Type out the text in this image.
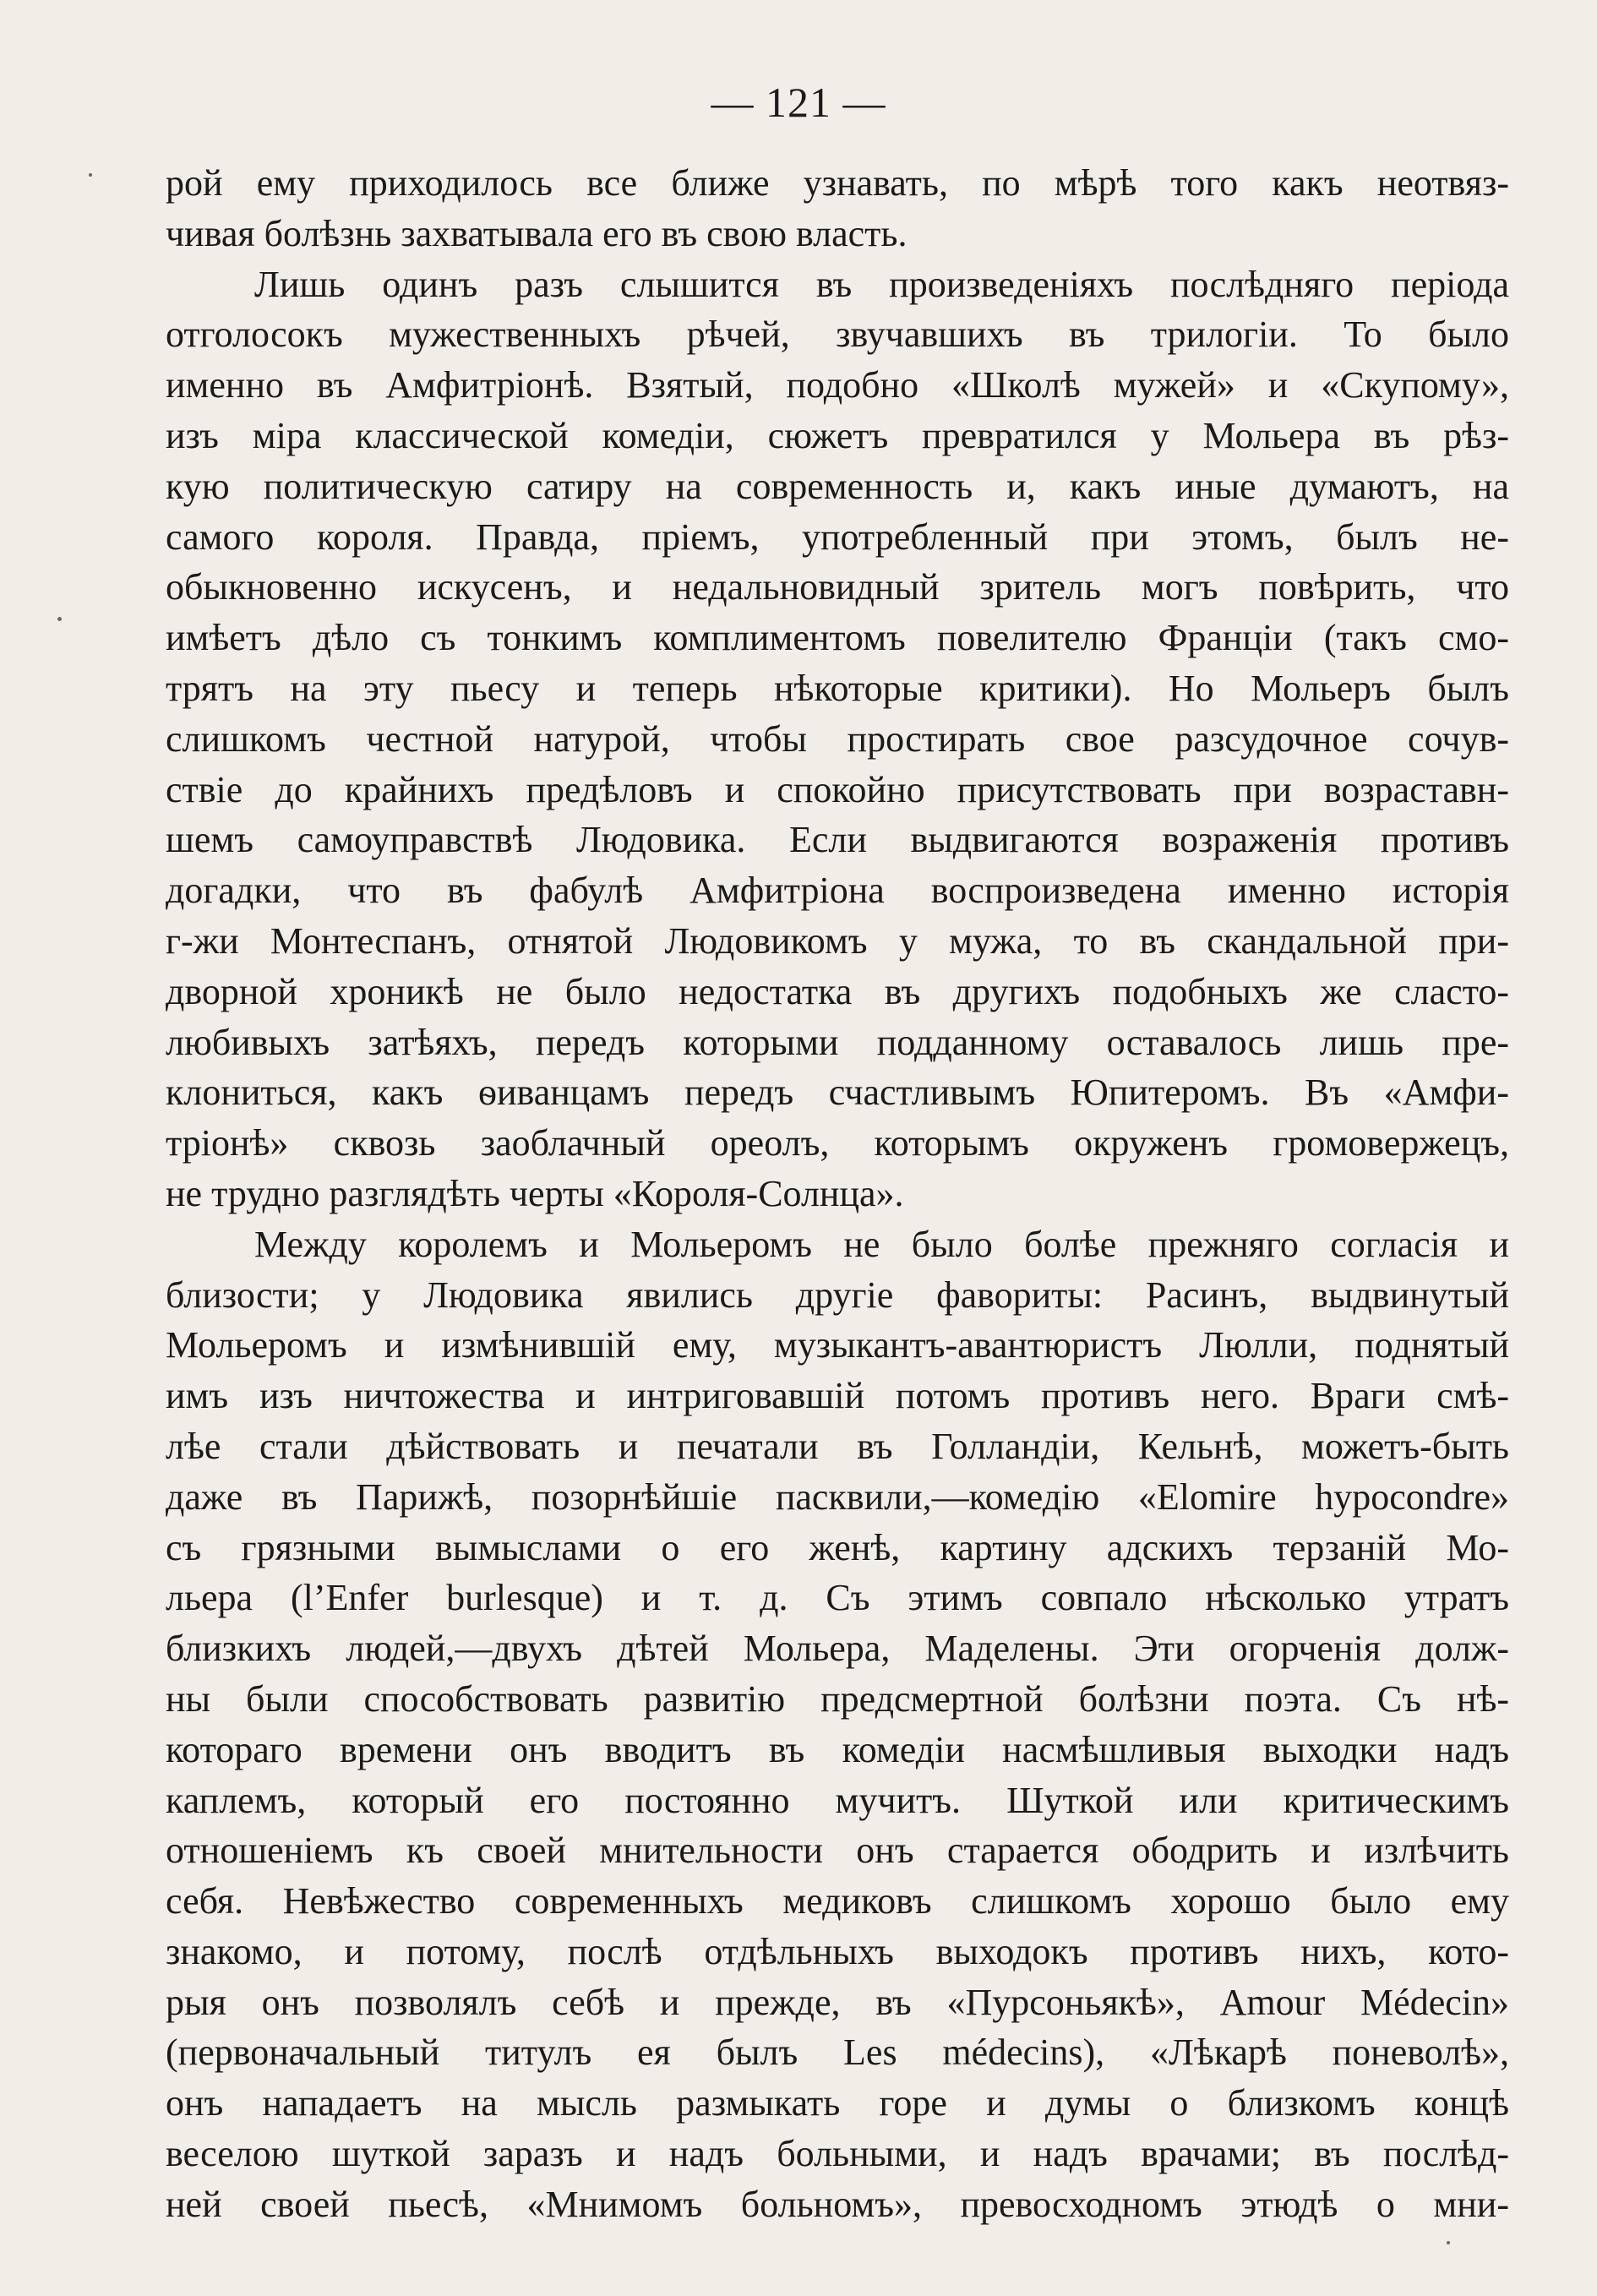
— 121 —
рой ему приходилось все ближе узнавать, по мѣрѣ того какъ неотвяз-
чивая болѣзнь захватывала его въ свою власть.
Лишь одинъ разъ слышится въ произведеніяхъ послѣдняго періода
отголосокъ мужественныхъ рѣчей, звучавшихъ въ трилогіи. То было
именно въ Амфитріонѣ. Взятый, подобно «Школѣ мужей» и «Скупому»,
изъ міра классической комедіи, сюжетъ превратился у Мольера въ рѣз-
кую политическую сатиру на современность и, какъ иные думаютъ, на
самого короля. Правда, пріемъ, употребленный при этомъ, былъ не-
обыкновенно искусенъ, и недальновидный зритель могъ повѣрить, что
имѣетъ дѣло съ тонкимъ комплиментомъ повелителю Франціи (такъ смо-
трятъ на эту пьесу и теперь нѣкоторые критики). Но Мольеръ былъ
слишкомъ честной натурой, чтобы простирать свое разсудочное сочув-
ствіе до крайнихъ предѣловъ и спокойно присутствовать при возраставн-
шемъ самоуправствѣ Людовика. Если выдвигаются возраженія противъ
догадки, что въ фабулѣ Амфитріона воспроизведена именно исторія
г-жи Монтеспанъ, отнятой Людовикомъ у мужа, то въ скандальной при-
дворной хроникѣ не было недостатка въ другихъ подобныхъ же сласто-
любивыхъ затѣяхъ, передъ которыми подданному оставалось лишь пре-
клониться, какъ ѳиванцамъ передъ счастливымъ Юпитеромъ. Въ «Амфи-
тріонѣ» сквозь заоблачный ореолъ, которымъ окруженъ громовержецъ,
не трудно разглядѣть черты «Короля-Солнца».
Между королемъ и Мольеромъ не было болѣе прежняго согласія и
близости; у Людовика явились другіе фавориты: Расинъ, выдвинутый
Мольеромъ и измѣнившій ему, музыкантъ-авантюристъ Люлли, поднятый
имъ изъ ничтожества и интриговавшій потомъ противъ него. Враги смѣ-
лѣе стали дѣйствовать и печатали въ Голландіи, Кельнѣ, можетъ-быть
даже въ Парижѣ, позорнѣйшіе пасквили,—комедію «Elomire hypocondre»
съ грязными вымыслами о его женѣ, картину адскихъ терзаній Мо-
льера (l’Enfer burlesque) и т. д. Съ этимъ совпало нѣсколько утратъ
близкихъ людей,—двухъ дѣтей Мольера, Маделены. Эти огорченія долж-
ны были способствовать развитію предсмертной болѣзни поэта. Съ нѣ-
котораго времени онъ вводитъ въ комедіи насмѣшливыя выходки надъ
каплемъ, который его постоянно мучитъ. Шуткой или критическимъ
отношеніемъ къ своей мнительности онъ старается ободрить и излѣчить
себя. Невѣжество современныхъ медиковъ слишкомъ хорошо было ему
знакомо, и потому, послѣ отдѣльныхъ выходокъ противъ нихъ, кото-
рыя онъ позволялъ себѣ и прежде, въ «Пурсоньякѣ», Amour Médecin»
(первоначальный титулъ ея былъ Les médecins), «Лѣкарѣ поневолѣ»,
онъ нападаетъ на мысль размыкать горе и думы о близкомъ концѣ
веселою шуткой заразъ и надъ больными, и надъ врачами; въ послѣд-
ней своей пьесѣ, «Мнимомъ больномъ», превосходномъ этюдѣ о мни-
